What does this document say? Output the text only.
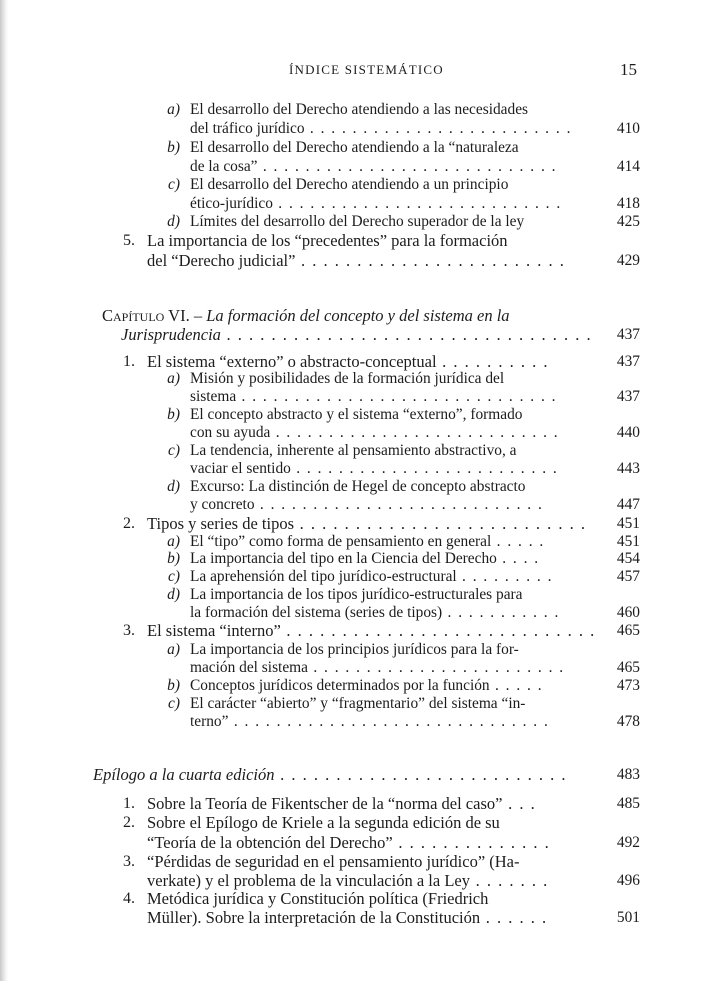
ÍNDICE SISTEMÁTICO	15
a) El desarrollo del Derecho atendiendo a las necesidades
del tráfico jurídico . . . . . . . . . . . . . . . . . . . . . . . . .	410
b) El desarrollo del Derecho atendiendo a la “naturaleza
de la cosa” . . . . . . . . . . . . . . . . . . . . . . . . . . . .	414
c) El desarrollo del Derecho atendiendo a un principio
ético-jurídico . . . . . . . . . . . . . . . . . . . . . . . . . . .	418
d) Límites del desarrollo del Derecho superador de la ley	425
5. La importancia de los “precedentes” para la formación
del “Derecho judicial” . . . . . . . . . . . . . . . . . . . . . . . .	429
Capítulo VI. – La formación del concepto y del sistema en la
Jurisprudencia . . . . . . . . . . . . . . . . . . . . . . . . . . . . . . . . .	437
1. El sistema “externo” o abstracto-conceptual . . . . . . . . . .	437
a) Misión y posibilidades de la formación jurídica del
sistema . . . . . . . . . . . . . . . . . . . . . . . . . . . . . .	437
b) El concepto abstracto y el sistema “externo”, formado
con su ayuda . . . . . . . . . . . . . . . . . . . . . . . . . . .	440
c) La tendencia, inherente al pensamiento abstractivo, a
vaciar el sentido . . . . . . . . . . . . . . . . . . . . . . . . .	443
d) Excurso: La distinción de Hegel de concepto abstracto
y concreto . . . . . . . . . . . . . . . . . . . . . . . . . . .	447
2. Tipos y series de tipos . . . . . . . . . . . . . . . . . . . . . . . . . .	451
a) El “tipo” como forma de pensamiento en general . . . . .	451
b) La importancia del tipo en la Ciencia del Derecho . . . .	454
c) La aprehensión del tipo jurídico-estructural . . . . . . . . .	457
d) La importancia de los tipos jurídico-estructurales para
la formación del sistema (series de tipos) . . . . . . . . . . .	460
3. El sistema “interno” . . . . . . . . . . . . . . . . . . . . . . . . . . . .	465
a) La importancia de los principios jurídicos para la for-
mación del sistema . . . . . . . . . . . . . . . . . . . . . . . .	465
b) Conceptos jurídicos determinados por la función . . . . .	473
c) El carácter “abierto” y “fragmentario” del sistema “in-
terno” . . . . . . . . . . . . . . . . . . . . . . . . . . . . . .	478
Epílogo a la cuarta edición . . . . . . . . . . . . . . . . . . . . . . . . . .	483
1. Sobre la Teoría de Fikentscher de la “norma del caso” . . .	485
2. Sobre el Epílogo de Kriele a la segunda edición de su
“Teoría de la obtención del Derecho” . . . . . . . . . . . . . .	492
3. “Pérdidas de seguridad en el pensamiento jurídico” (Ha-
verkate) y el problema de la vinculación a la Ley . . . . . . .	496
4. Metódica jurídica y Constitución política (Friedrich
Müller). Sobre la interpretación de la Constitución . . . . . .	501
